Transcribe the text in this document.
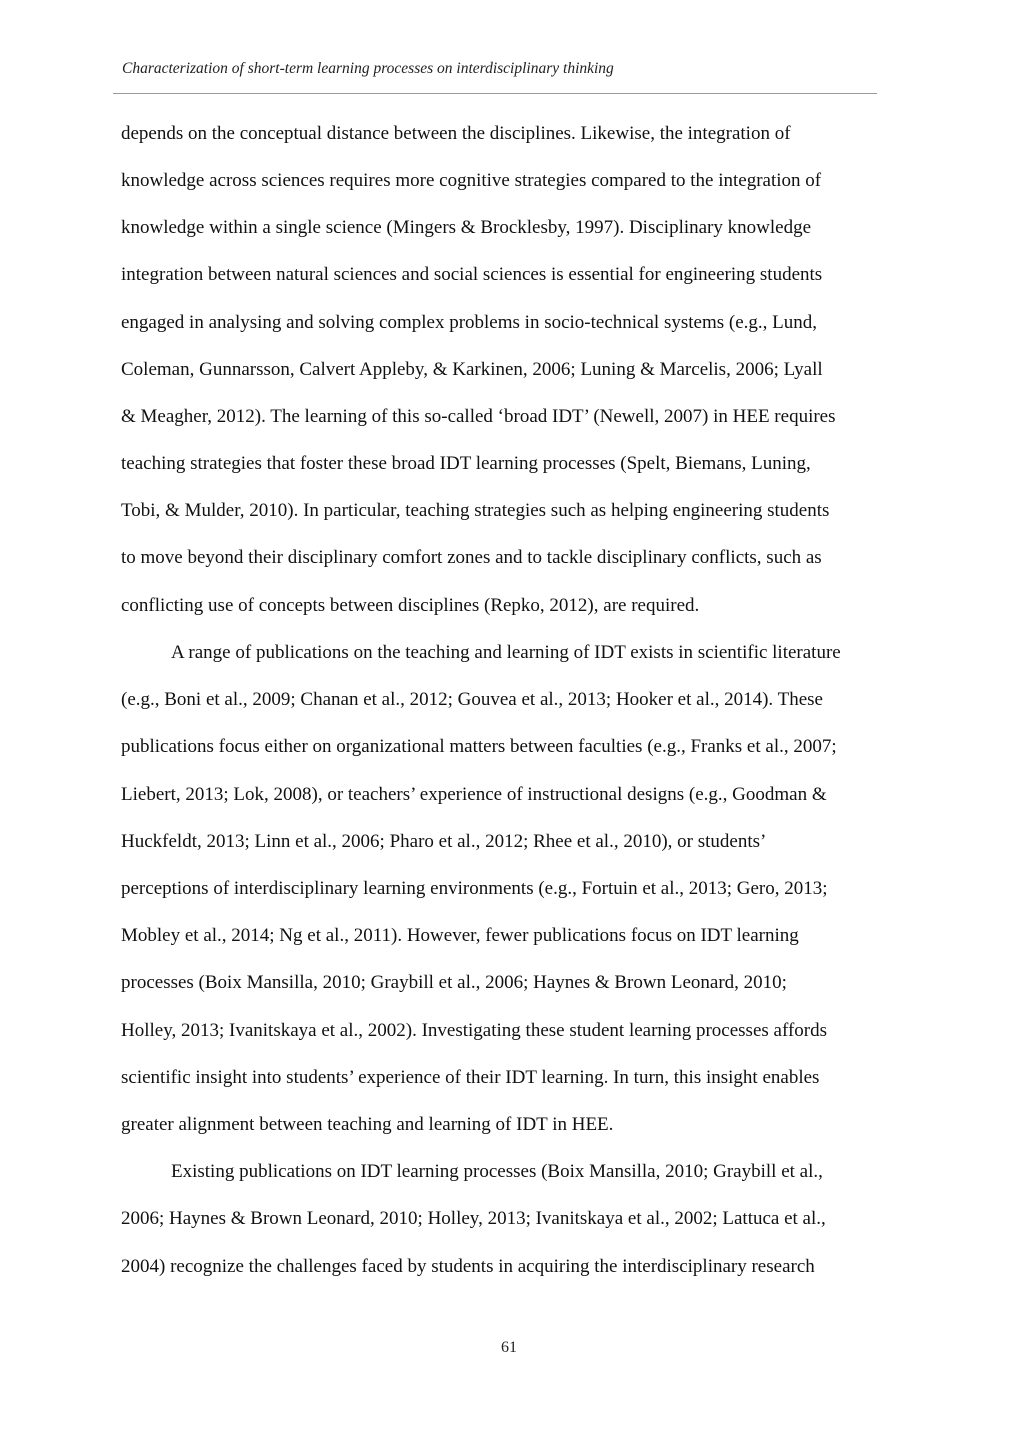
Characterization of short-term learning processes on interdisciplinary thinking
depends on the conceptual distance between the disciplines. Likewise, the integration of
knowledge across sciences requires more cognitive strategies compared to the integration of
knowledge within a single science (Mingers & Brocklesby, 1997). Disciplinary knowledge
integration between natural sciences and social sciences is essential for engineering students
engaged in analysing and solving complex problems in socio-technical systems (e.g., Lund,
Coleman, Gunnarsson, Calvert Appleby, & Karkinen, 2006; Luning & Marcelis, 2006; Lyall
& Meagher, 2012). The learning of this so-called ‘broad IDT’ (Newell, 2007) in HEE requires
teaching strategies that foster these broad IDT learning processes (Spelt, Biemans, Luning,
Tobi, & Mulder, 2010). In particular, teaching strategies such as helping engineering students
to move beyond their disciplinary comfort zones and to tackle disciplinary conflicts, such as
conflicting use of concepts between disciplines (Repko, 2012), are required.
A range of publications on the teaching and learning of IDT exists in scientific literature
(e.g., Boni et al., 2009; Chanan et al., 2012; Gouvea et al., 2013; Hooker et al., 2014). These
publications focus either on organizational matters between faculties (e.g., Franks et al., 2007;
Liebert, 2013; Lok, 2008), or teachers’ experience of instructional designs (e.g., Goodman &
Huckfeldt, 2013; Linn et al., 2006; Pharo et al., 2012; Rhee et al., 2010), or students’
perceptions of interdisciplinary learning environments (e.g., Fortuin et al., 2013; Gero, 2013;
Mobley et al., 2014; Ng et al., 2011). However, fewer publications focus on IDT learning
processes (Boix Mansilla, 2010; Graybill et al., 2006; Haynes & Brown Leonard, 2010;
Holley, 2013; Ivanitskaya et al., 2002). Investigating these student learning processes affords
scientific insight into students’ experience of their IDT learning. In turn, this insight enables
greater alignment between teaching and learning of IDT in HEE.
Existing publications on IDT learning processes (Boix Mansilla, 2010; Graybill et al.,
2006; Haynes & Brown Leonard, 2010; Holley, 2013; Ivanitskaya et al., 2002; Lattuca et al.,
2004) recognize the challenges faced by students in acquiring the interdisciplinary research
61
